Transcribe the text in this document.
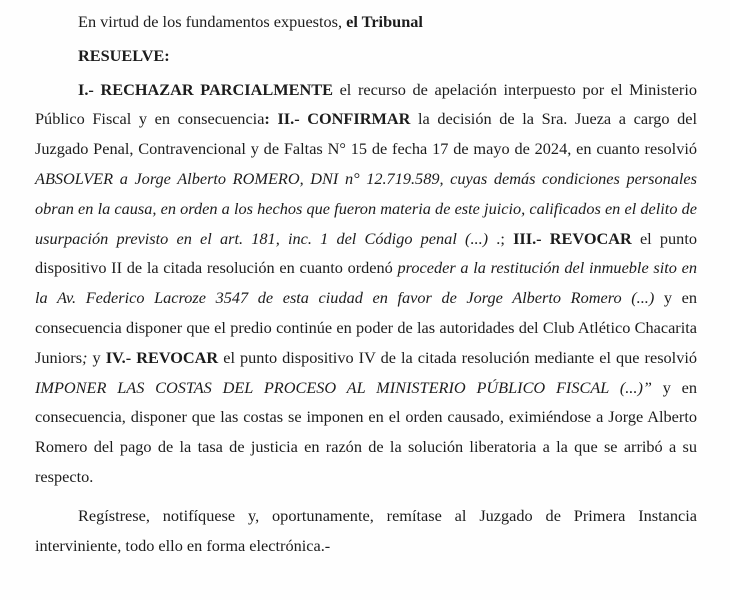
En virtud de los fundamentos expuestos, el Tribunal

RESUELVE:

I.- RECHAZAR PARCIALMENTE el recurso de apelación interpuesto por el Ministerio Público Fiscal y en consecuencia: II.- CONFIRMAR la decisión de la Sra. Jueza a cargo del Juzgado Penal, Contravencional y de Faltas N° 15 de fecha 17 de mayo de 2024, en cuanto resolvió ABSOLVER a Jorge Alberto ROMERO, DNI n° 12.719.589, cuyas demás condiciones personales obran en la causa, en orden a los hechos que fueron materia de este juicio, calificados en el delito de usurpación previsto en el art. 181, inc. 1 del Código penal (...) .; III.- REVOCAR el punto dispositivo II de la citada resolución en cuanto ordenó proceder a la restitución del inmueble sito en la Av. Federico Lacroze 3547 de esta ciudad en favor de Jorge Alberto Romero (...) y en consecuencia disponer que el predio continúe en poder de las autoridades del Club Atlético Chacarita Juniors; y IV.- REVOCAR el punto dispositivo IV de la citada resolución mediante el que resolvió IMPONER LAS COSTAS DEL PROCESO AL MINISTERIO PÚBLICO FISCAL (...)” y en consecuencia, disponer que las costas se imponen en el orden causado, eximiéndose a Jorge Alberto Romero del pago de la tasa de justicia en razón de la solución liberatoria a la que se arribó a su respecto.

Regístrese, notifíquese y, oportunamente, remítase al Juzgado de Primera Instancia interviniente, todo ello en forma electrónica.-
